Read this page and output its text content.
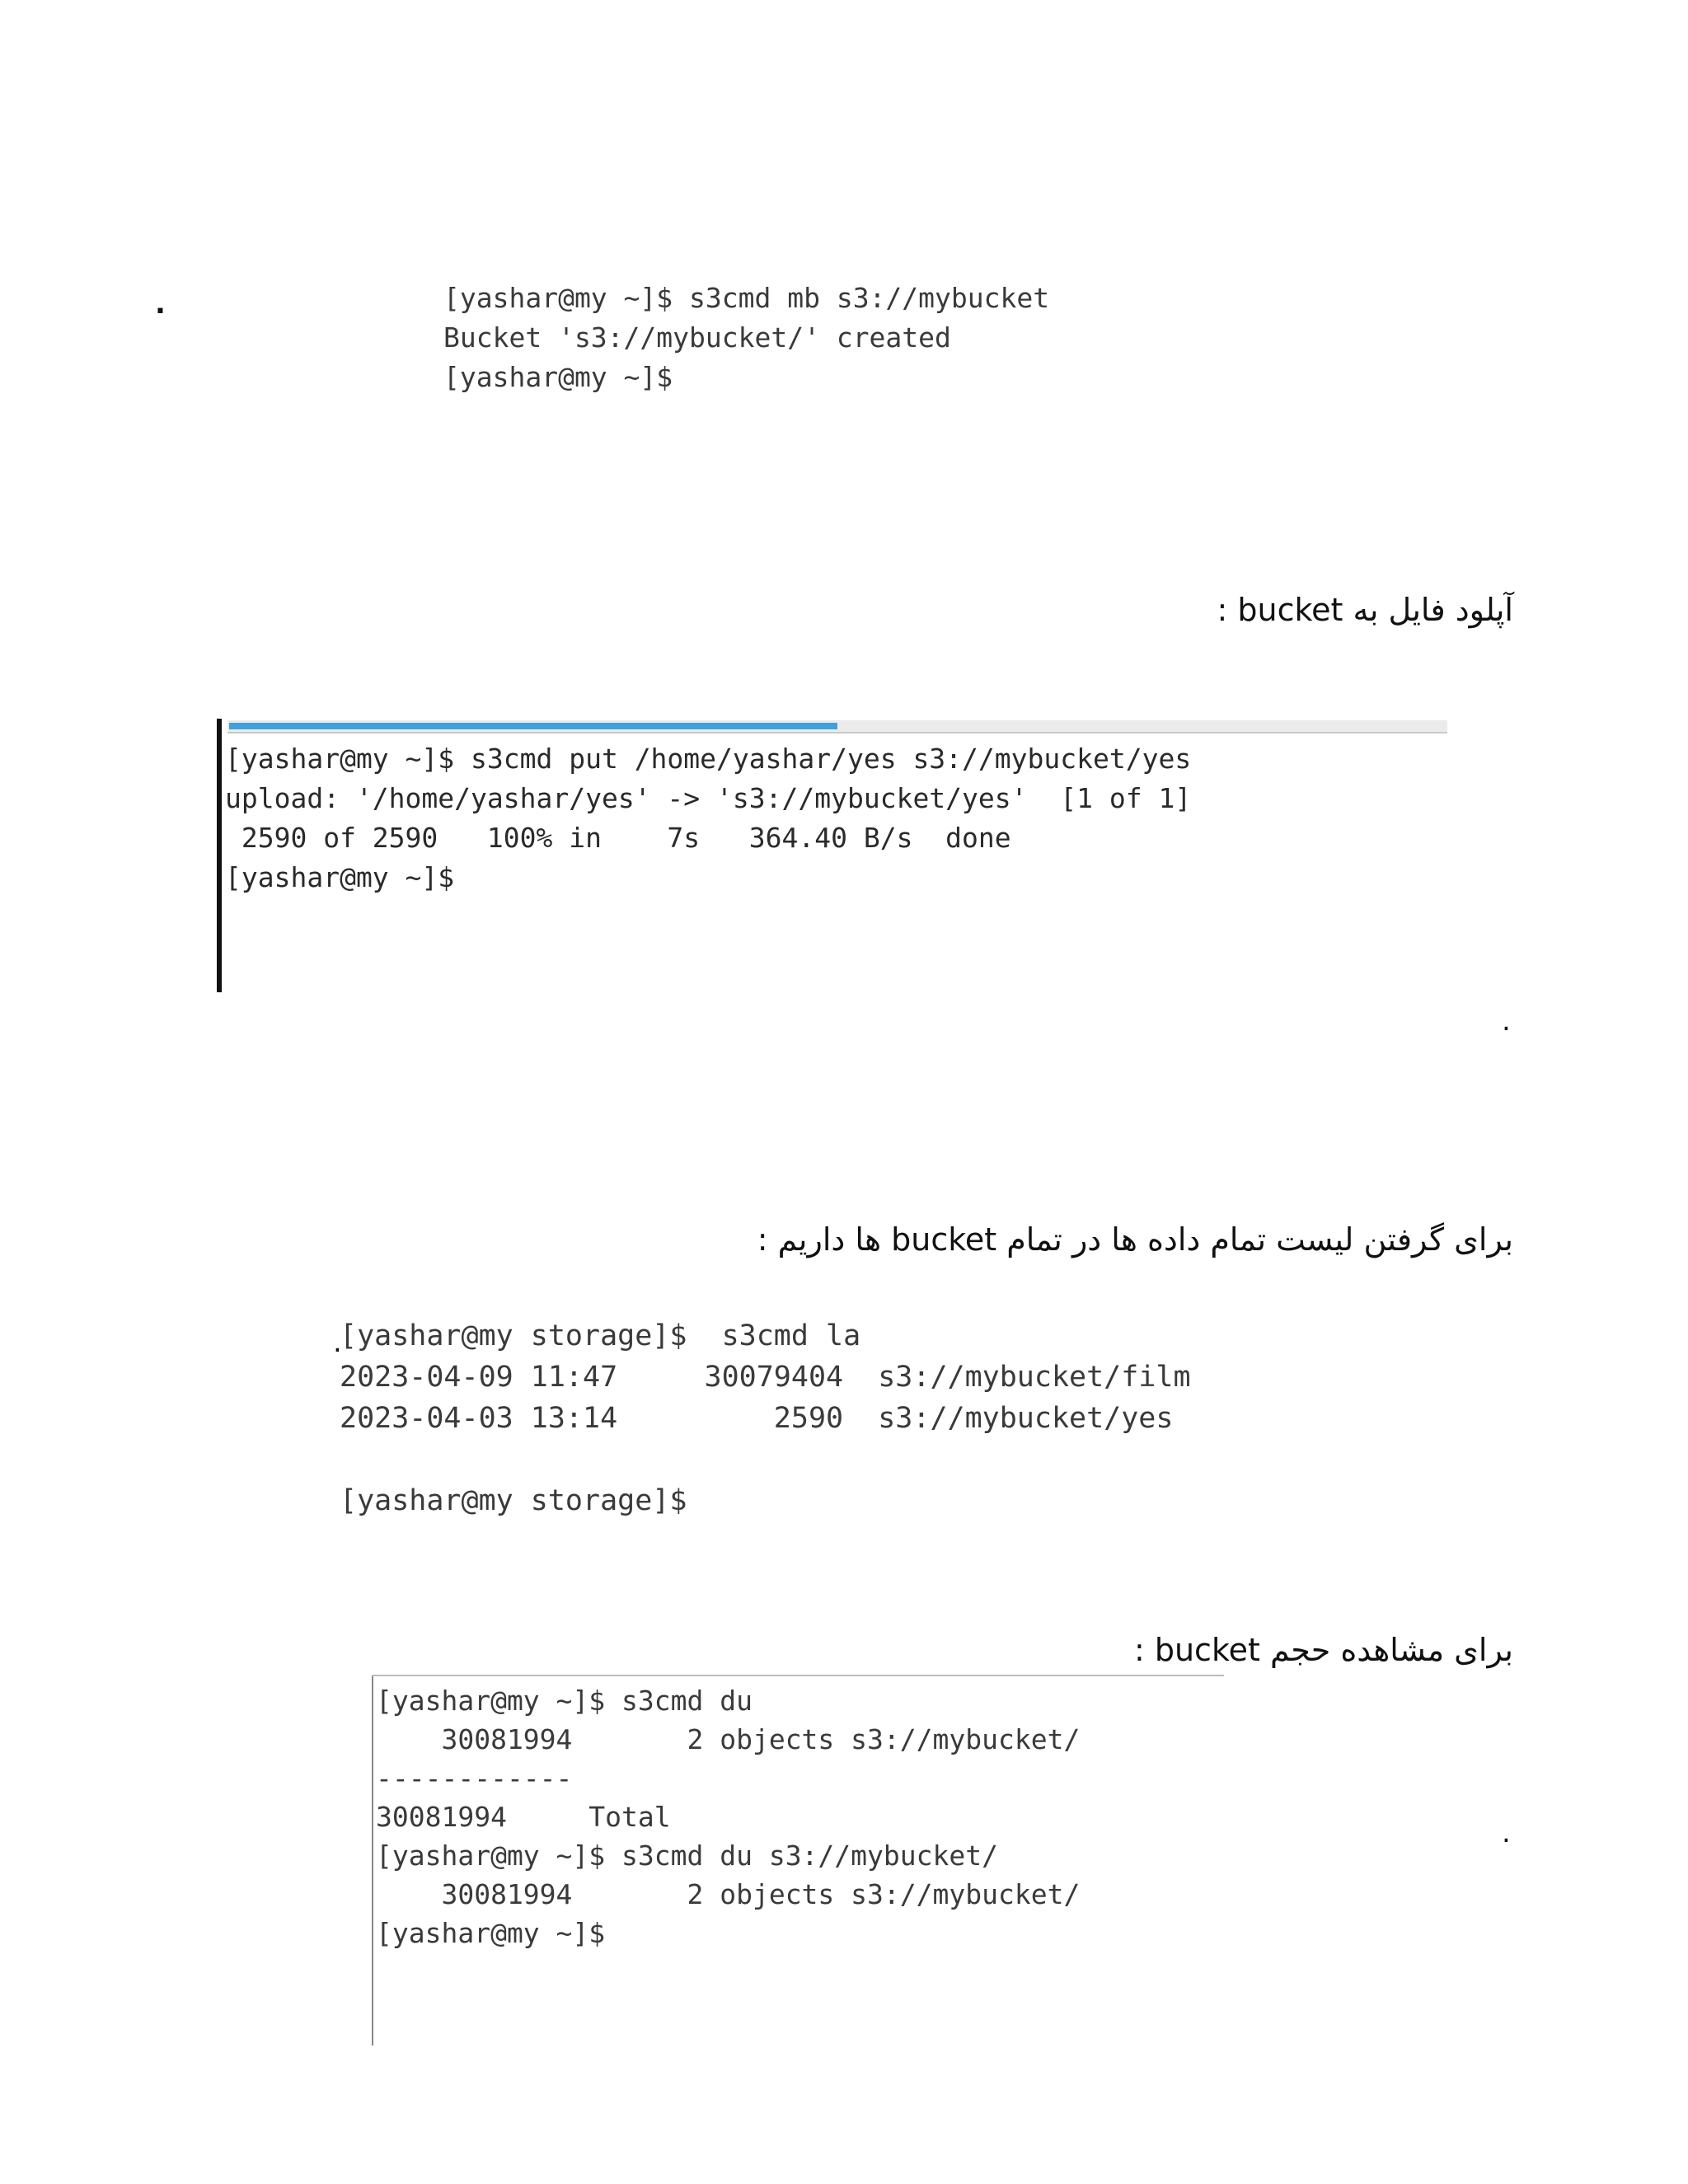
.
.
.
[yashar@my ~]$ s3cmd mb s3://mybucket
Bucket 's3://mybucket/' created
[yashar@my ~]$
آپلود فایل به bucket :
[yashar@my ~]$ s3cmd put /home/yashar/yes s3://mybucket/yes
upload: '/home/yashar/yes' -> 's3://mybucket/yes'  [1 of 1]
2590 of 2590   100% in    7s   364.40 B/s  done
[yashar@my ~]$
برای گرفتن لیست تمام داده ها در تمام bucket ها داریم :
.
[yashar@my storage]$  s3cmd la
2023-04-09 11:47     30079404  s3://mybucket/film
2023-04-03 13:14         2590  s3://mybucket/yes
[yashar@my storage]$
برای مشاهده حجم bucket :
[yashar@my ~]$ s3cmd du
30081994       2 objects s3://mybucket/
------------
30081994     Total
[yashar@my ~]$ s3cmd du s3://mybucket/
30081994       2 objects s3://mybucket/
[yashar@my ~]$
